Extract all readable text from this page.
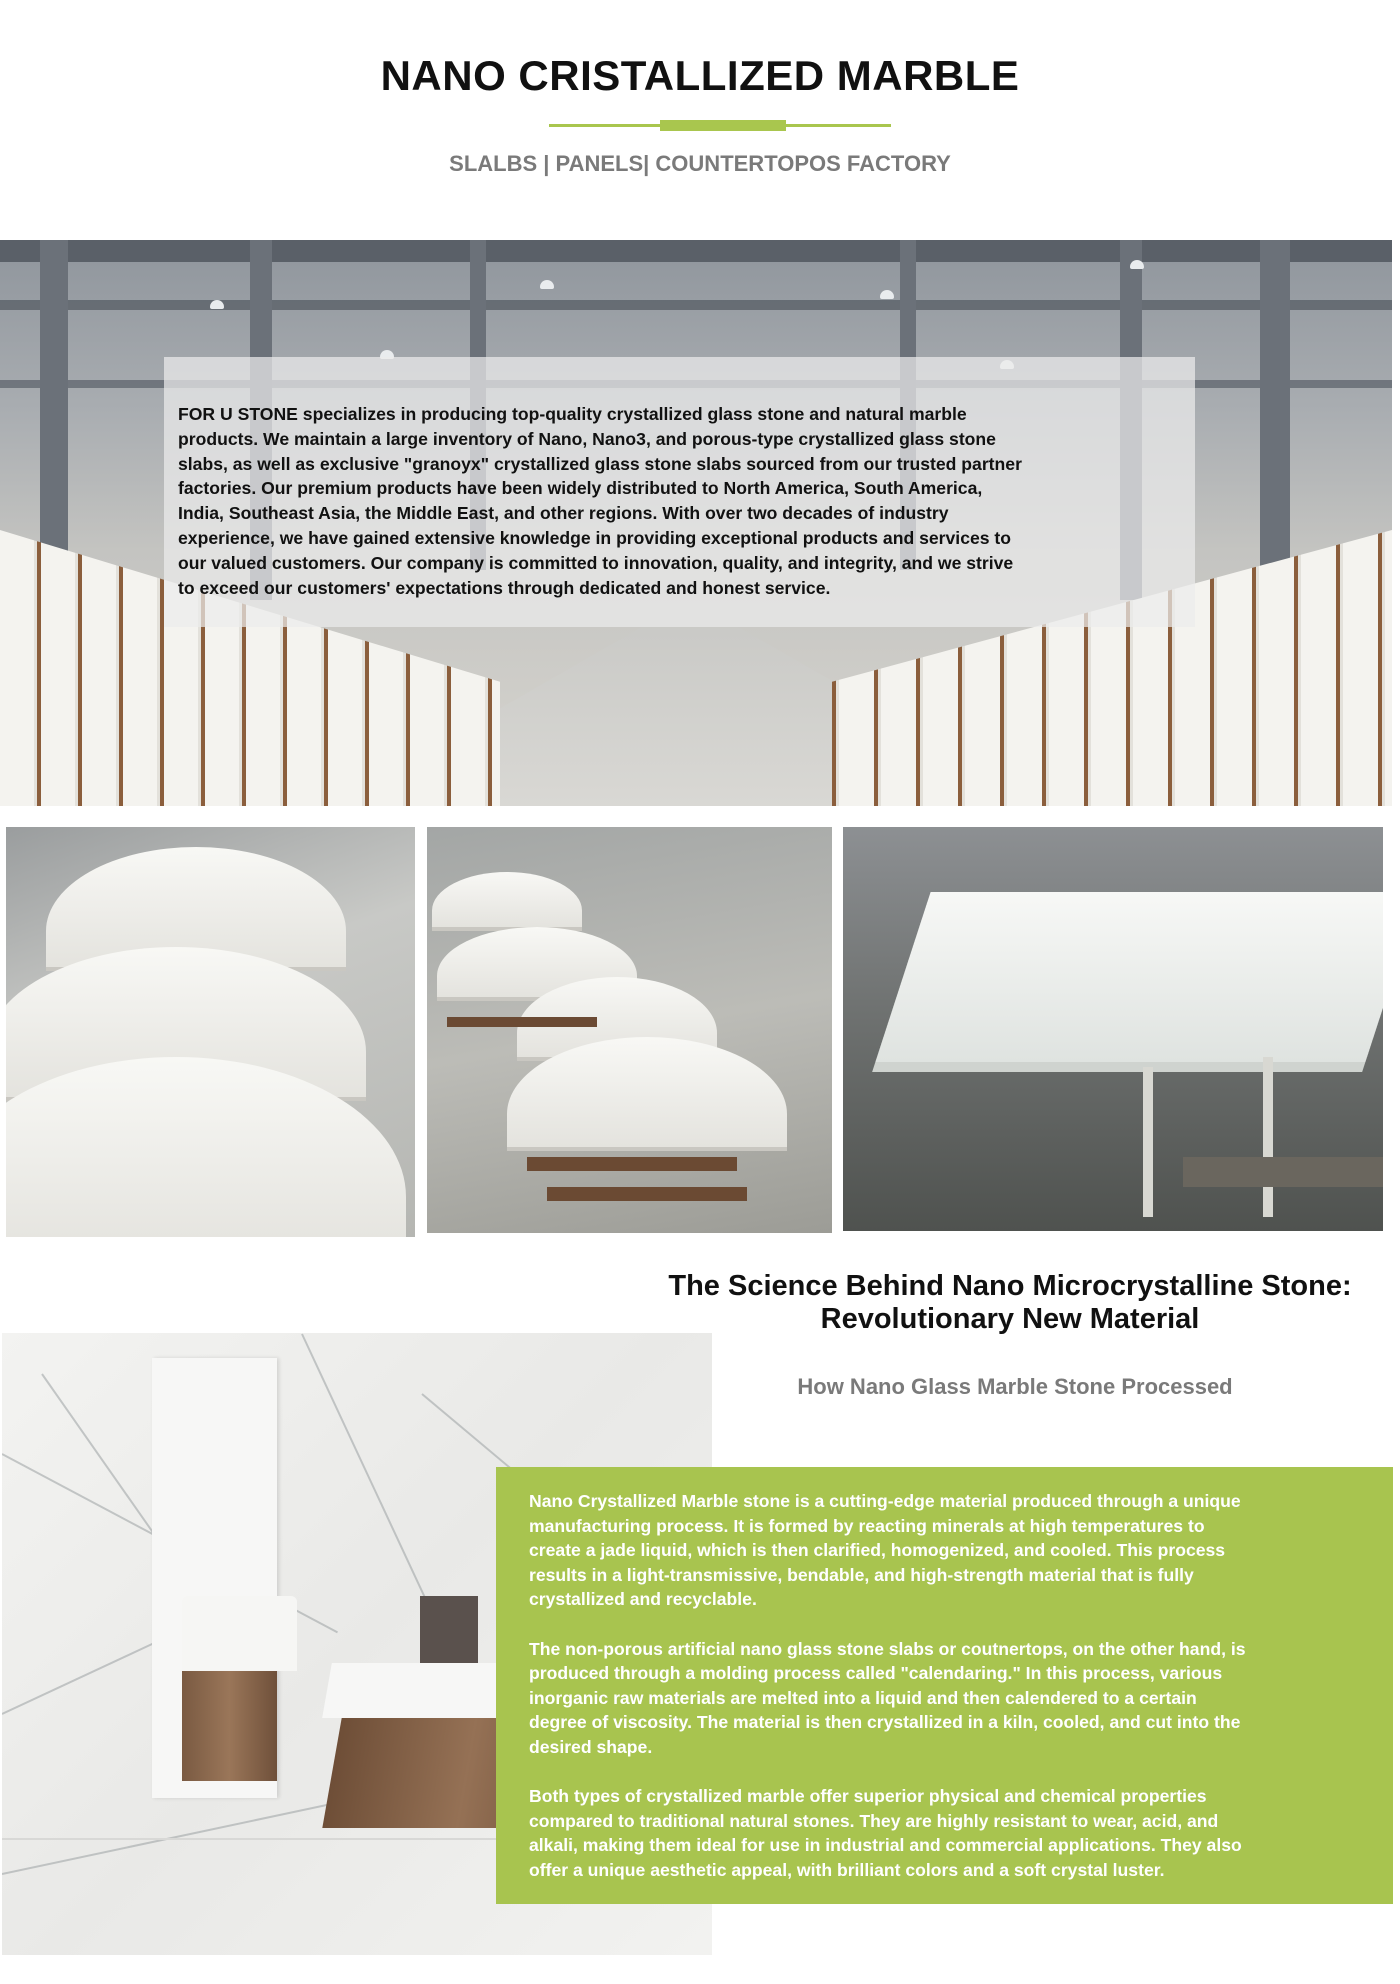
NANO CRISTALLIZED MARBLE
SLALBS | PANELS| COUNTERTOPOS FACTORY
FOR U STONE specializes in producing top-quality crystallized glass stone and natural marble
products. We maintain a large inventory of Nano, Nano3, and porous-type crystallized glass stone
slabs, as well as exclusive "granoyx" crystallized glass stone slabs sourced from our trusted partner
factories. Our premium products have been widely distributed to North America, South America,
India, Southeast Asia, the Middle East, and other regions. With over two decades of industry
experience, we have gained extensive knowledge in providing exceptional products and services to
our valued customers. Our company is committed to innovation, quality, and integrity, and we strive
to exceed our customers' expectations through dedicated and honest service.
The Science Behind Nano Microcrystalline Stone:
Revolutionary New Material
How Nano Glass Marble Stone Processed

Nano Crystallized Marble stone is a cutting-edge material produced through a unique
manufacturing process. It is formed by reacting minerals at high temperatures to
create a jade liquid, which is then clarified, homogenized, and cooled. This process
results in a light-transmissive, bendable, and high-strength material that is fully
crystallized and recyclable.

The non-porous artificial nano glass stone slabs or coutnertops, on the other hand, is
produced through a molding process called "calendaring." In this process, various
inorganic raw materials are melted into a liquid and then calendered to a certain
degree of viscosity. The material is then crystallized in a kiln, cooled, and cut into the
desired shape.

Both types of crystallized marble offer superior physical and chemical properties
compared to traditional natural stones. They are highly resistant to wear, acid, and
alkali, making them ideal for use in industrial and commercial applications. They also
offer a unique aesthetic appeal, with brilliant colors and a soft crystal luster.
